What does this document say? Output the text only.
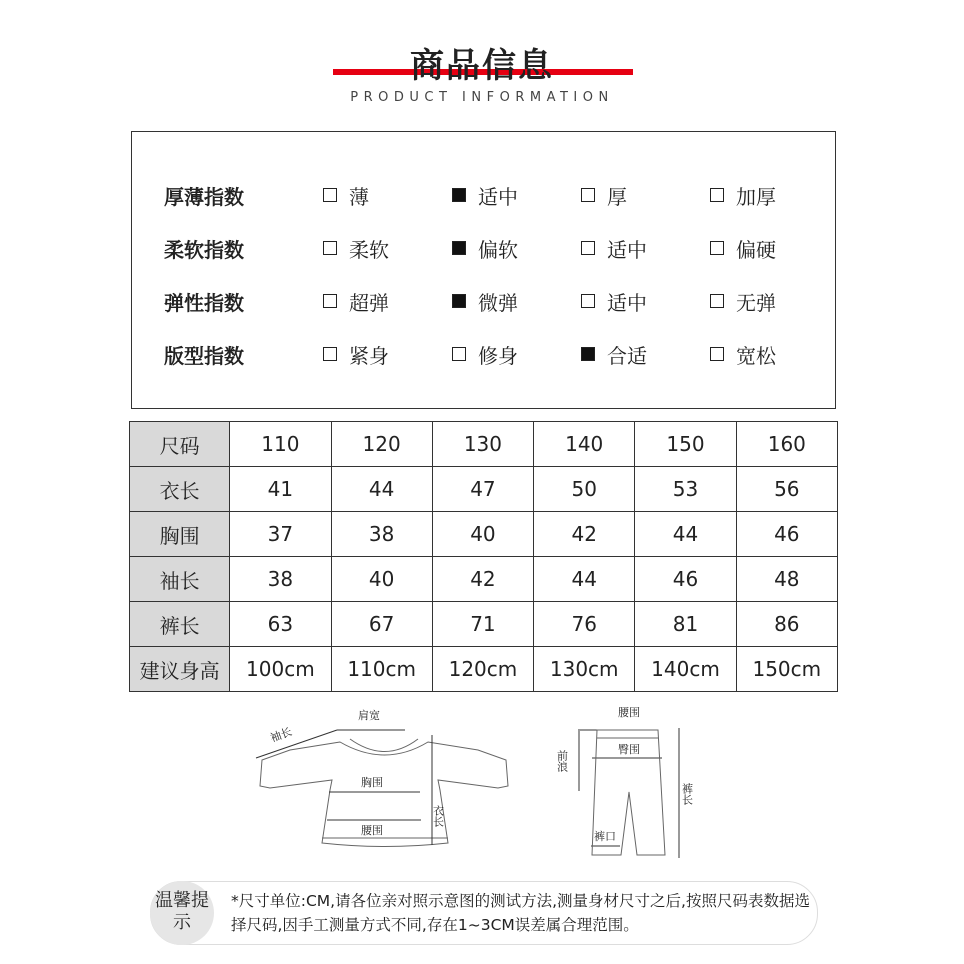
商品信息
PRODUCT INFORMATION
厚薄指数	薄	适中	厚	加厚
柔软指数	柔软	偏软	适中	偏硬
弹性指数	超弹	微弹	适中	无弹
版型指数	紧身	修身	合适	宽松
尺码	110	120	130	140	150	160
衣长	41	44	47	50	53	56
胸围	37	38	40	42	44	46
袖长	38	40	42	44	46	48
裤长	63	67	71	76	81	86
建议身高	100cm	110cm	120cm	130cm	140cm	150cm
肩宽
袖长
胸围
腰围
衣长
腰围
臀围
前浪
裤长
裤口
温馨提示
*尺寸单位:CM,请各位亲对照示意图的测试方法,测量身材尺寸之后,按照尺码表数据选择尺码,因手工测量方式不同,存在1~3CM误差属合理范围。
